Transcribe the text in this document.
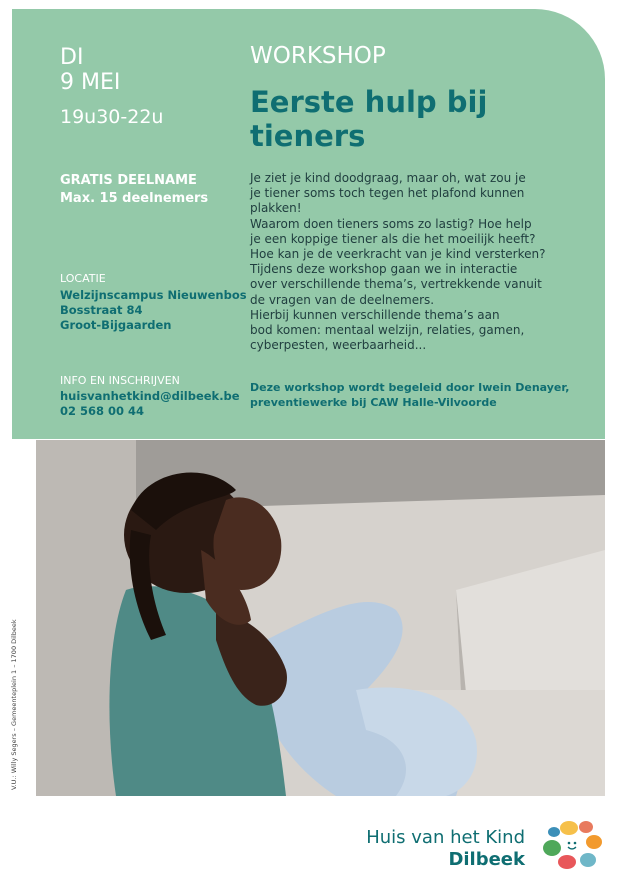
DI
9 MEI

19u30-22u

GRATIS DEELNAME

Max. 15 deelnemers

LOCATIE

Welzijnscampus Nieuwenbos

Bosstraat 84

Groot-Bijgaarden

INFO EN INSCHRIJVEN

huisvanhetkind@dilbeek.be

02 568 00 44

WORKSHOP

Eerste hulp bij
tieners

Je ziet je kind doodgraag, maar oh, wat zou je

je tiener soms toch tegen het plafond kunnen

plakken!

Waarom doen tieners soms zo lastig? Hoe help

je een koppige tiener als die het moeilijk heeft?

Hoe kan je de veerkracht van je kind versterken?

Tijdens deze workshop gaan we in interactie

over verschillende thema’s, vertrekkende vanuit

de vragen van de deelnemers.

Hierbij kunnen verschillende thema’s aan

bod komen: mentaal welzijn, relaties, gamen,

cyberpesten, weerbaarheid...

Deze workshop wordt begeleid door Iwein Denayer,
preventiewerke bij CAW Halle-Vilvoorde
V.U.: Willy Segers – Gemeenteplein 1 – 1700 Dilbeek

Huis van het Kind

Dilbeek
